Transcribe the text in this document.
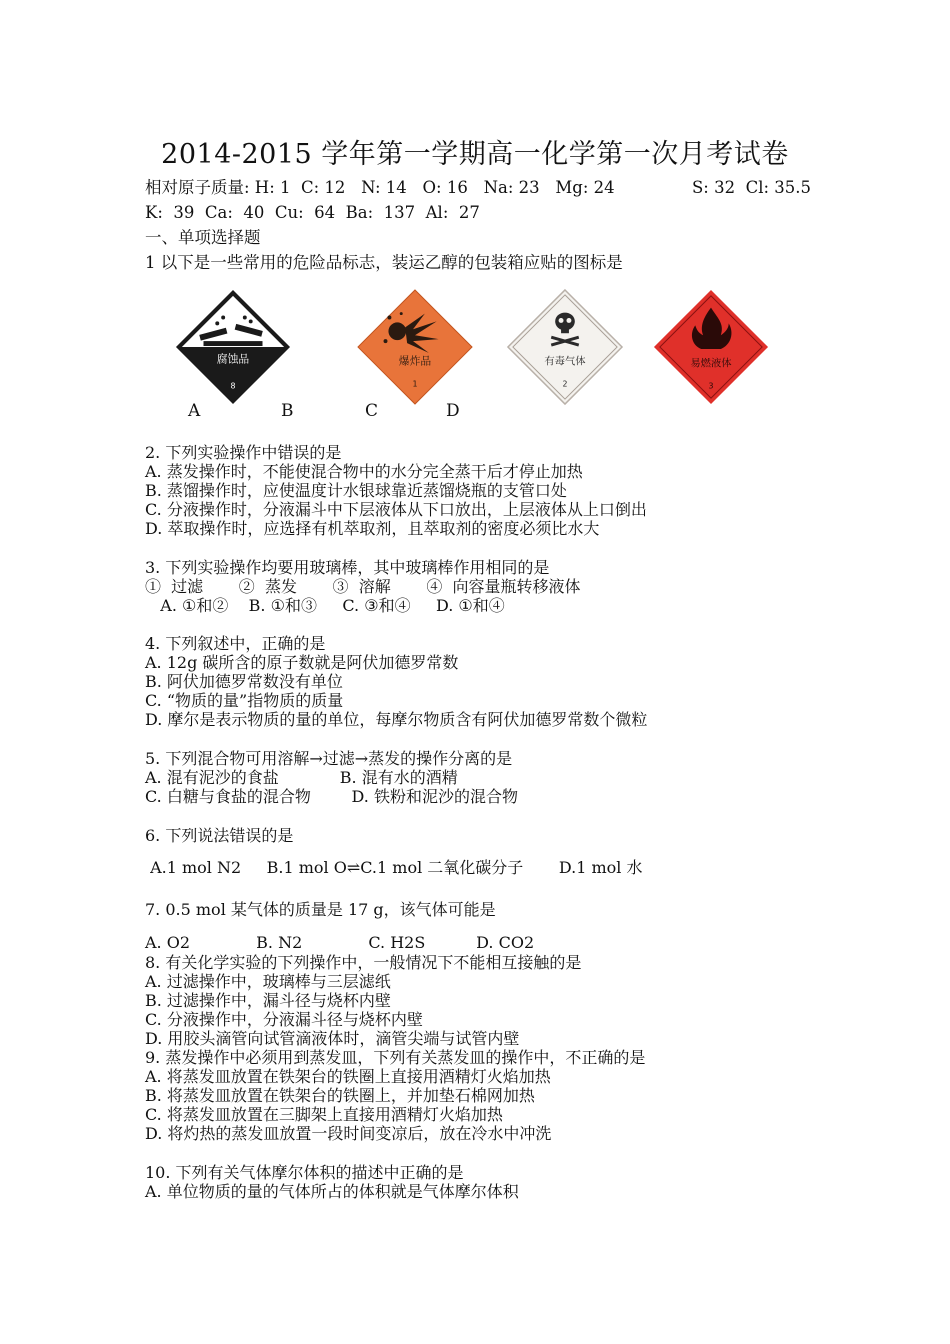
2014-2015 学年第一学期高一化学第一次月考试卷
相对原子质量: H: 1  C: 12   N: 14   O: 16   Na: 23   Mg: 24	S: 32  Cl: 35.5
K:  39  Ca:  40  Cu:  64  Ba:  137  Al:  27
一、单项选择题
1 以下是一些常用的危险品标志，装运乙醇的包装箱应贴的图标是
腐蚀品
8
爆炸品
1
有毒气体
2
易燃液体
3
A	B	C	D
2. 下列实验操作中错误的是
A. 蒸发操作时，不能使混合物中的水分完全蒸干后才停止加热
B. 蒸馏操作时，应使温度计水银球靠近蒸馏烧瓶的支管口处
C. 分液操作时，分液漏斗中下层液体从下口放出，上层液体从上口倒出
D. 萃取操作时，应选择有机萃取剂，且萃取剂的密度必须比水大
3. 下列实验操作均要用玻璃棒，其中玻璃棒作用相同的是
①  过滤       ②  蒸发       ③  溶解       ④  向容量瓶转移液体
A. ①和②    B. ①和③     C. ③和④     D. ①和④
4. 下列叙述中，正确的是
A. 12g 碳所含的原子数就是阿伏加德罗常数
B. 阿伏加德罗常数没有单位
C. “物质的量”指物质的质量
D. 摩尔是表示物质的量的单位，每摩尔物质含有阿伏加德罗常数个微粒
5. 下列混合物可用溶解→过滤→蒸发的操作分离的是
A. 混有泥沙的食盐            B. 混有水的酒精
C. 白糖与食盐的混合物        D. 铁粉和泥沙的混合物
6. 下列说法错误的是
A.1 mol N2     B.1 mol O⇌C.1 mol 二氧化碳分子       D.1 mol 水
7. 0.5 mol 某气体的质量是 17 g，该气体可能是
A. O2             B. N2             C. H2S          D. CO2
8. 有关化学实验的下列操作中，一般情况下不能相互接触的是
A. 过滤操作中，玻璃棒与三层滤纸
B. 过滤操作中，漏斗径与烧杯内壁
C. 分液操作中，分液漏斗径与烧杯内壁
D. 用胶头滴管向试管滴液体时，滴管尖端与试管内壁
9. 蒸发操作中必须用到蒸发皿，下列有关蒸发皿的操作中，不正确的是
A. 将蒸发皿放置在铁架台的铁圈上直接用酒精灯火焰加热
B. 将蒸发皿放置在铁架台的铁圈上，并加垫石棉网加热
C. 将蒸发皿放置在三脚架上直接用酒精灯火焰加热
D. 将灼热的蒸发皿放置一段时间变凉后，放在冷水中冲洗
10. 下列有关气体摩尔体积的描述中正确的是
A. 单位物质的量的气体所占的体积就是气体摩尔体积
